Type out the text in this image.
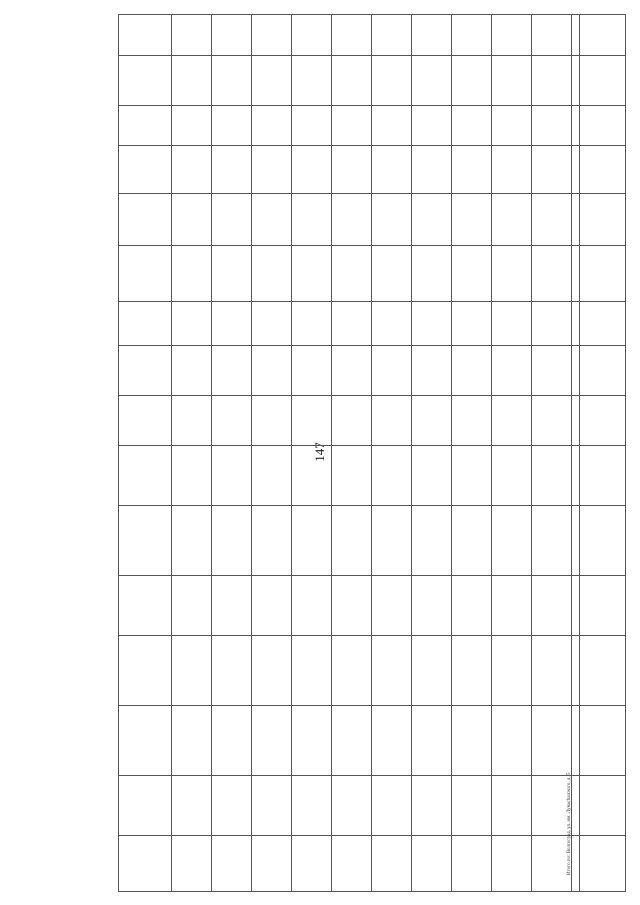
147
Итого по: Волгоград, ул. им. Лунacharского, д. 5
